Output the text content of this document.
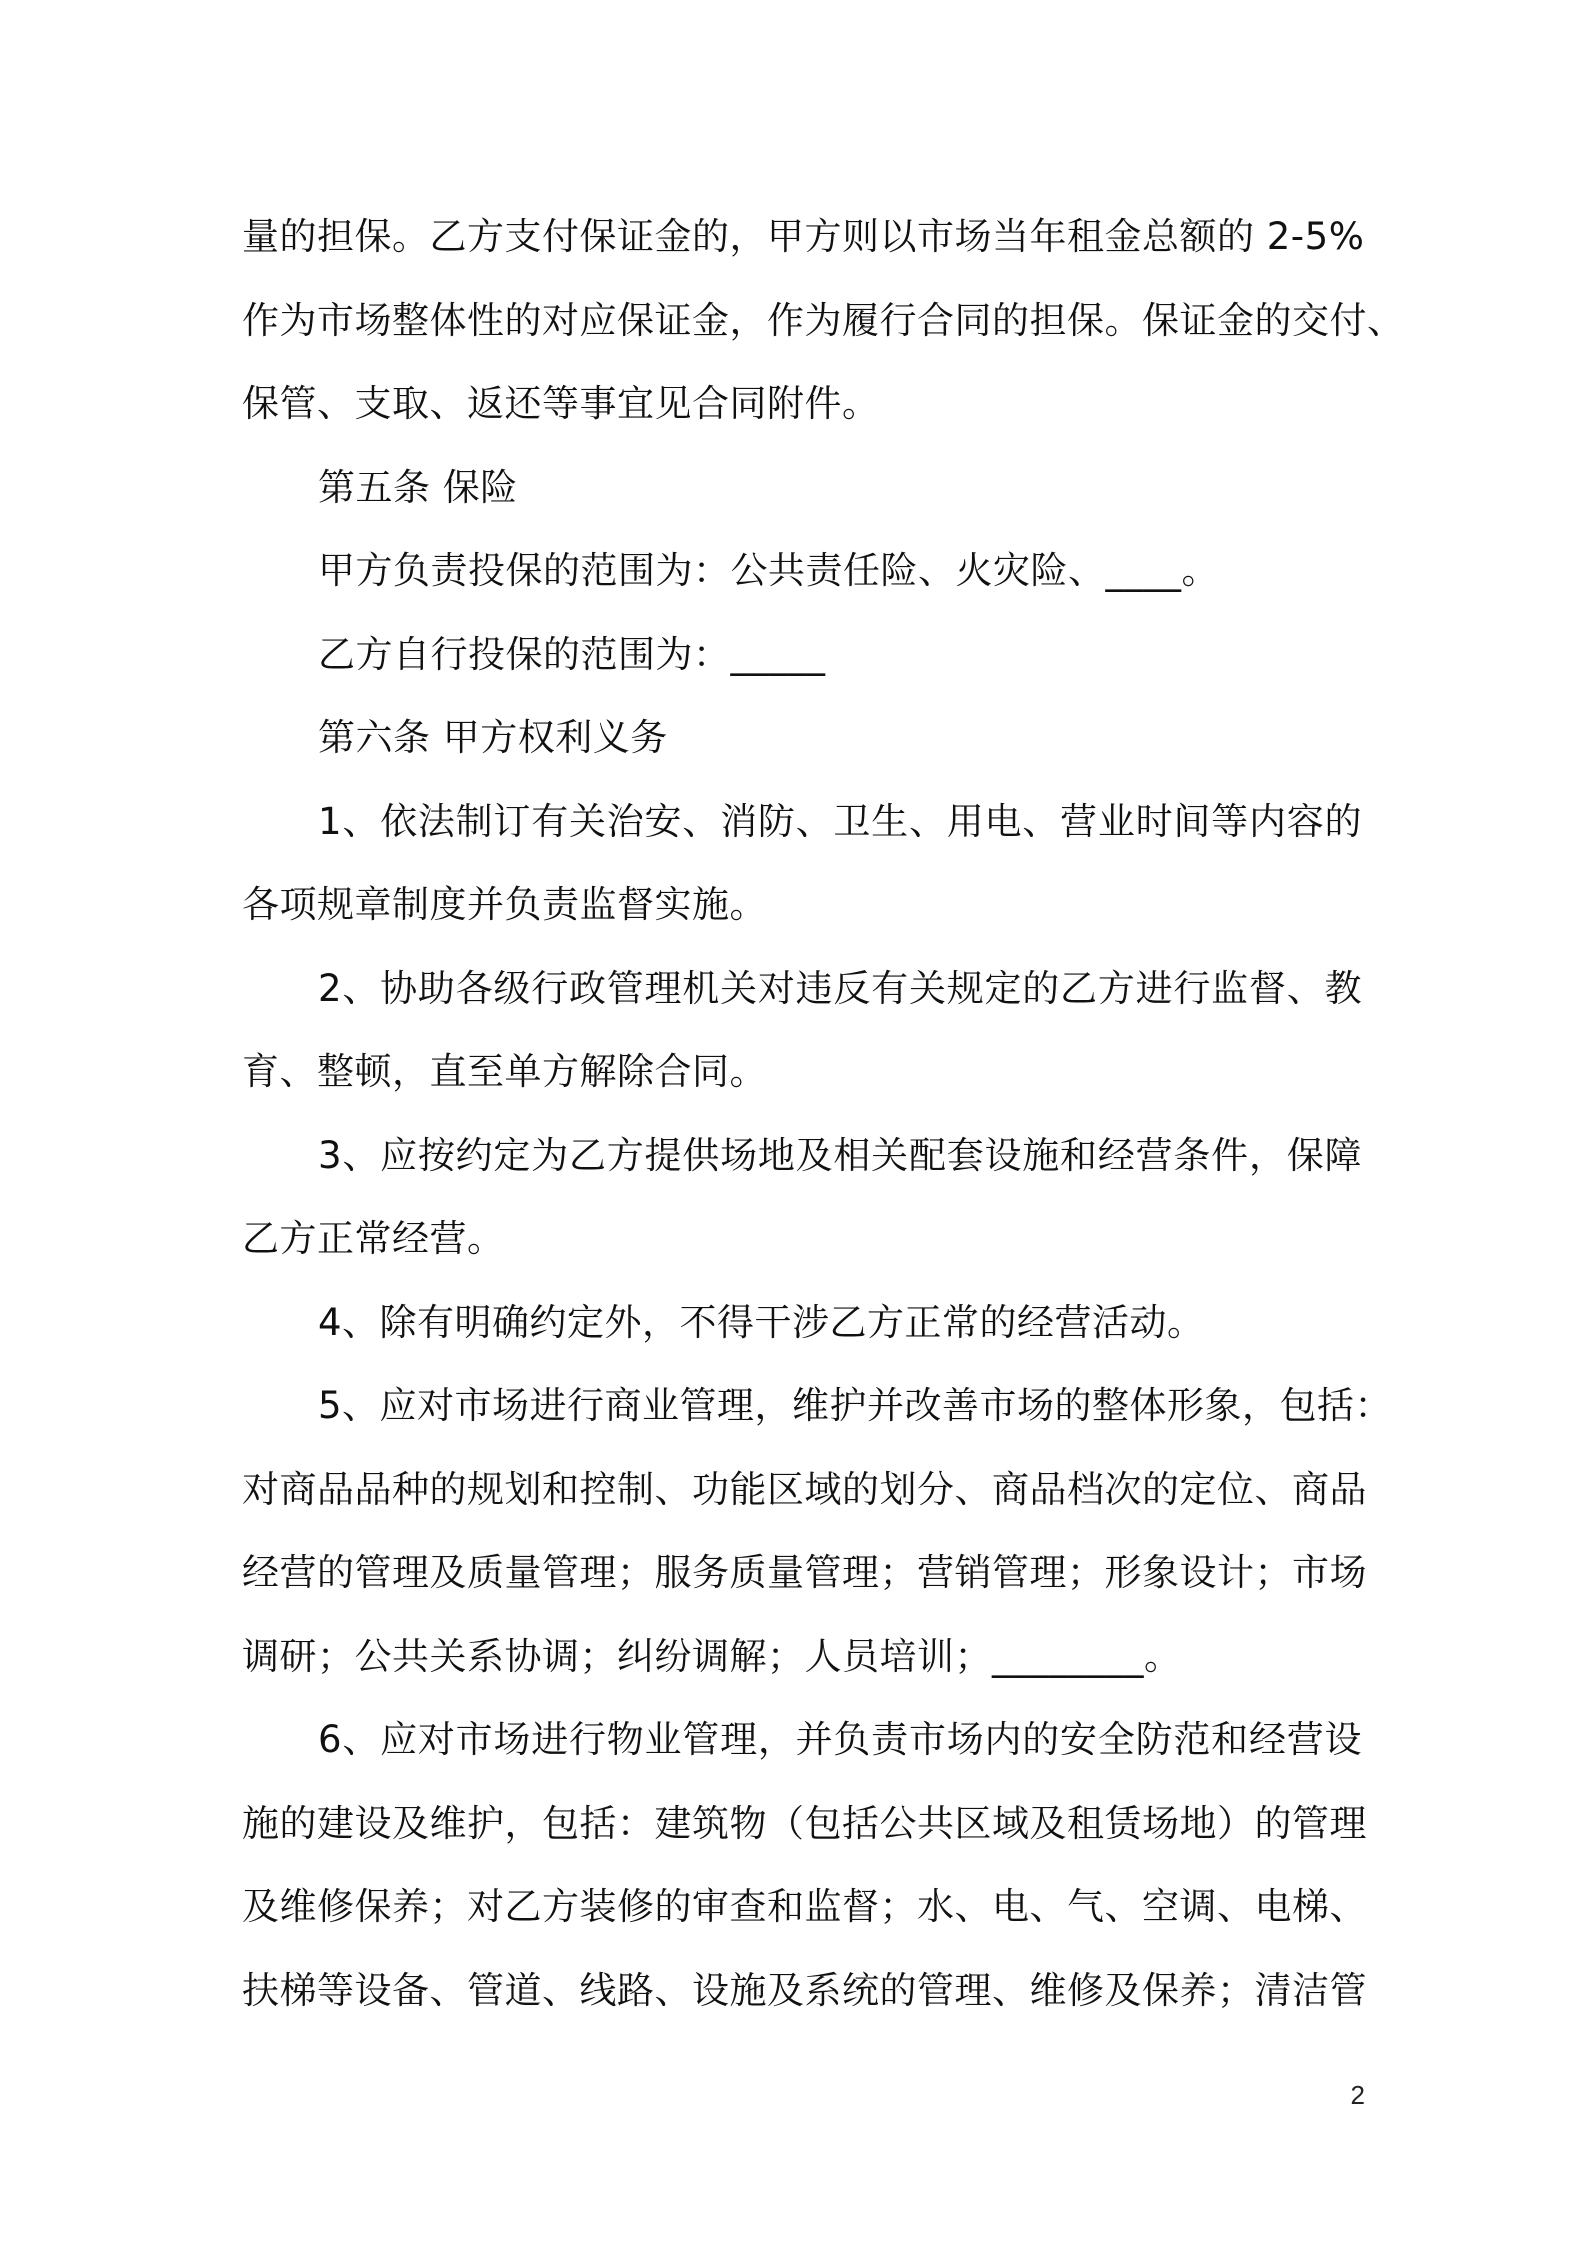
量的担保。乙方支付保证金的，甲方则以市场当年租金总额的 2-5%
作为市场整体性的对应保证金，作为履行合同的担保。保证金的交付、
保管、支取、返还等事宜见合同附件。
第五条 保险
甲方负责投保的范围为：公共责任险、火灾险、____。
乙方自行投保的范围为：_____
第六条 甲方权利义务
1、依法制订有关治安、消防、卫生、用电、营业时间等内容的
各项规章制度并负责监督实施。
2、协助各级行政管理机关对违反有关规定的乙方进行监督、教
育、整顿，直至单方解除合同。
3、应按约定为乙方提供场地及相关配套设施和经营条件，保障
乙方正常经营。
4、除有明确约定外，不得干涉乙方正常的经营活动。
5、应对市场进行商业管理，维护并改善市场的整体形象，包括：
对商品品种的规划和控制、功能区域的划分、商品档次的定位、商品
经营的管理及质量管理；服务质量管理；营销管理；形象设计；市场
调研；公共关系协调；纠纷调解；人员培训；________。
6、应对市场进行物业管理，并负责市场内的安全防范和经营设
施的建设及维护，包括：建筑物（包括公共区域及租赁场地）的管理
及维修保养；对乙方装修的审查和监督；水、电、气、空调、电梯、
扶梯等设备、管道、线路、设施及系统的管理、维修及保养；清洁管
2
